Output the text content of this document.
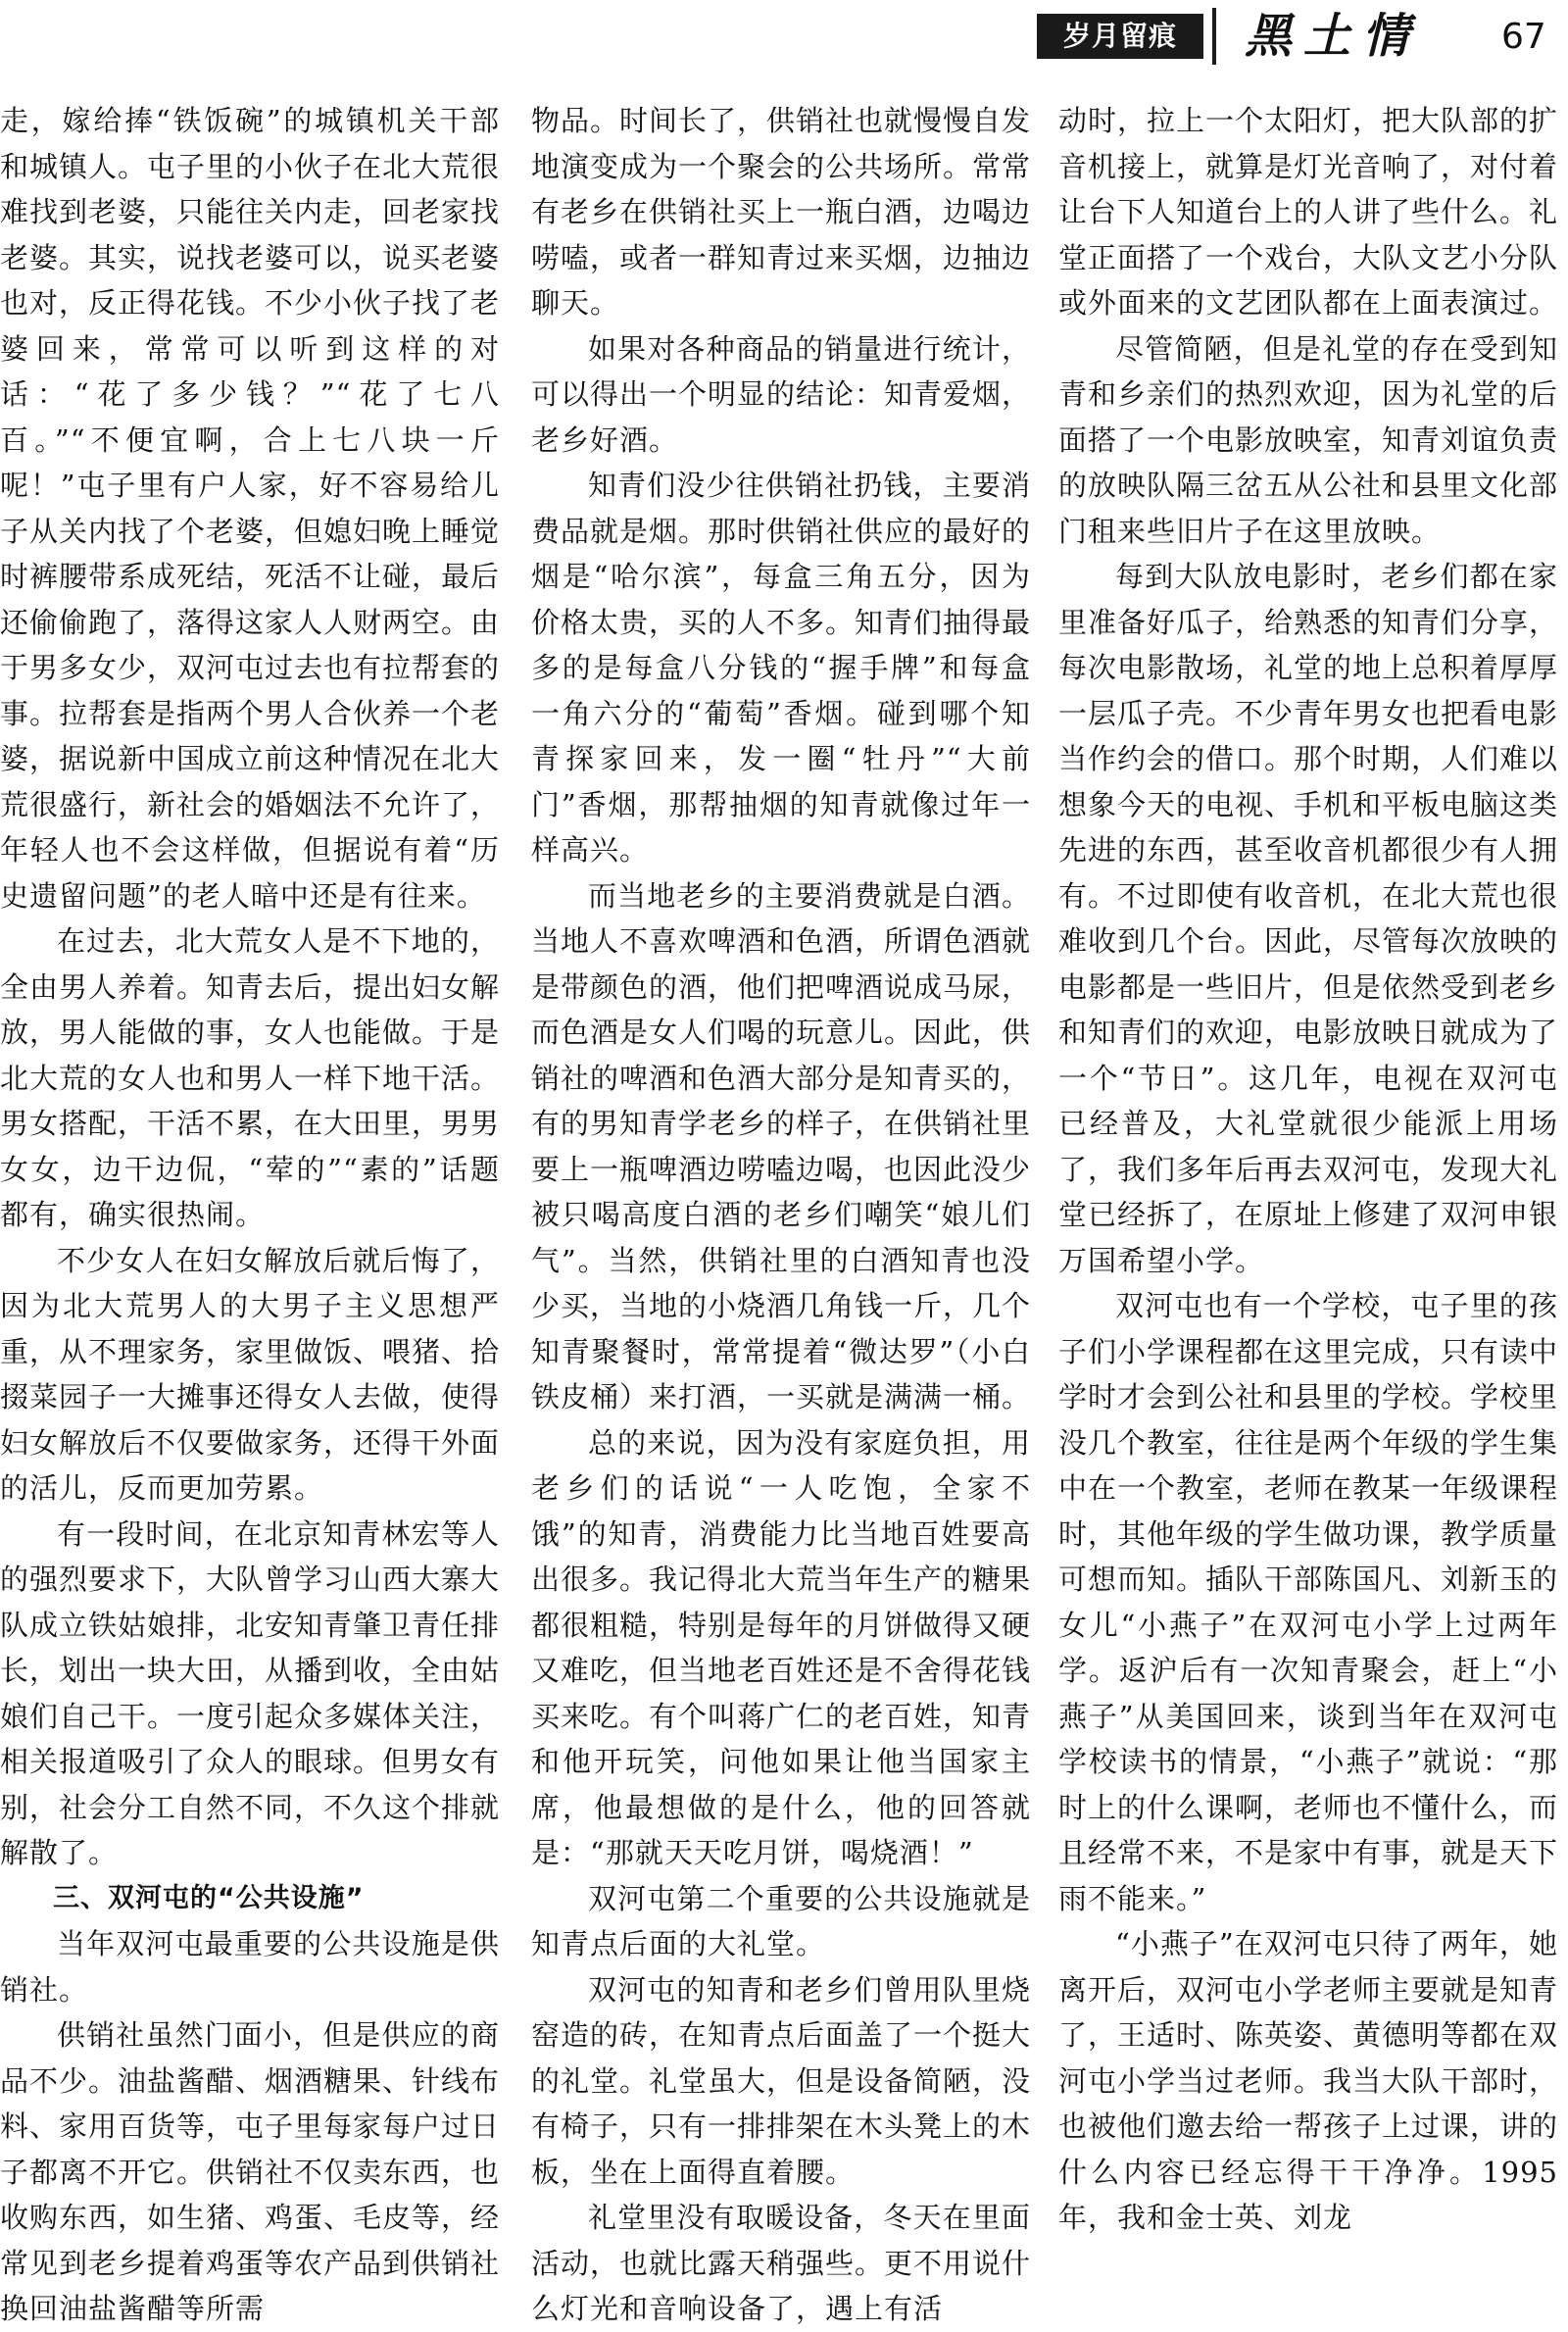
岁月留痕	黑土情	67

走，嫁给捧“铁饭碗”的城镇机关干部和城镇人。屯子里的小伙子在北大荒很难找到老婆，只能往关内走，回老家找老婆。其实，说找老婆可以，说买老婆也对，反正得花钱。不少小伙子找了老婆回来，常常可以听到这样的对话：“花了多少钱？”“花了七八百。”“不便宜啊，合上七八块一斤呢！”屯子里有户人家，好不容易给儿子从关内找了个老婆，但媳妇晚上睡觉时裤腰带系成死结，死活不让碰，最后还偷偷跑了，落得这家人人财两空。由于男多女少，双河屯过去也有拉帮套的事。拉帮套是指两个男人合伙养一个老婆，据说新中国成立前这种情况在北大荒很盛行，新社会的婚姻法不允许了，年轻人也不会这样做，但据说有着“历史遗留问题”的老人暗中还是有往来。

在过去，北大荒女人是不下地的，全由男人养着。知青去后，提出妇女解放，男人能做的事，女人也能做。于是北大荒的女人也和男人一样下地干活。男女搭配，干活不累，在大田里，男男女女，边干边侃，“荤的”“素的”话题都有，确实很热闹。

不少女人在妇女解放后就后悔了，因为北大荒男人的大男子主义思想严重，从不理家务，家里做饭、喂猪、拾掇菜园子一大摊事还得女人去做，使得妇女解放后不仅要做家务，还得干外面的活儿，反而更加劳累。

有一段时间，在北京知青林宏等人的强烈要求下，大队曾学习山西大寨大队成立铁姑娘排，北安知青肇卫青任排长，划出一块大田，从播到收，全由姑娘们自己干。一度引起众多媒体关注，相关报道吸引了众人的眼球。但男女有别，社会分工自然不同，不久这个排就解散了。

三、双河屯的“公共设施”

当年双河屯最重要的公共设施是供销社。

供销社虽然门面小，但是供应的商品不少。油盐酱醋、烟酒糖果、针线布料、家用百货等，屯子里每家每户过日子都离不开它。供销社不仅卖东西，也收购东西，如生猪、鸡蛋、毛皮等，经常见到老乡提着鸡蛋等农产品到供销社换回油盐酱醋等所需

物品。时间长了，供销社也就慢慢自发地演变成为一个聚会的公共场所。常常有老乡在供销社买上一瓶白酒，边喝边唠嗑，或者一群知青过来买烟，边抽边聊天。

如果对各种商品的销量进行统计，可以得出一个明显的结论：知青爱烟，老乡好酒。

知青们没少往供销社扔钱，主要消费品就是烟。那时供销社供应的最好的烟是“哈尔滨”，每盒三角五分，因为价格太贵，买的人不多。知青们抽得最多的是每盒八分钱的“握手牌”和每盒一角六分的“葡萄”香烟。碰到哪个知青探家回来，发一圈“牡丹”“大前门”香烟，那帮抽烟的知青就像过年一样高兴。

而当地老乡的主要消费就是白酒。当地人不喜欢啤酒和色酒，所谓色酒就是带颜色的酒，他们把啤酒说成马尿，而色酒是女人们喝的玩意儿。因此，供销社的啤酒和色酒大部分是知青买的，有的男知青学老乡的样子，在供销社里要上一瓶啤酒边唠嗑边喝，也因此没少被只喝高度白酒的老乡们嘲笑“娘儿们气”。当然，供销社里的白酒知青也没少买，当地的小烧酒几角钱一斤，几个知青聚餐时，常常提着“微达罗”（小白铁皮桶）来打酒，一买就是满满一桶。

总的来说，因为没有家庭负担，用老乡们的话说“一人吃饱，全家不饿”的知青，消费能力比当地百姓要高出很多。我记得北大荒当年生产的糖果都很粗糙，特别是每年的月饼做得又硬又难吃，但当地老百姓还是不舍得花钱买来吃。有个叫蒋广仁的老百姓，知青和他开玩笑，问他如果让他当国家主席，他最想做的是什么，他的回答就是：“那就天天吃月饼，喝烧酒！”

双河屯第二个重要的公共设施就是知青点后面的大礼堂。

双河屯的知青和老乡们曾用队里烧窑造的砖，在知青点后面盖了一个挺大的礼堂。礼堂虽大，但是设备简陋，没有椅子，只有一排排架在木头凳上的木板，坐在上面得直着腰。

礼堂里没有取暖设备，冬天在里面活动，也就比露天稍强些。更不用说什么灯光和音响设备了，遇上有活

动时，拉上一个太阳灯，把大队部的扩音机接上，就算是灯光音响了，对付着让台下人知道台上的人讲了些什么。礼堂正面搭了一个戏台，大队文艺小分队或外面来的文艺团队都在上面表演过。

尽管简陋，但是礼堂的存在受到知青和乡亲们的热烈欢迎，因为礼堂的后面搭了一个电影放映室，知青刘谊负责的放映队隔三岔五从公社和县里文化部门租来些旧片子在这里放映。

每到大队放电影时，老乡们都在家里准备好瓜子，给熟悉的知青们分享，每次电影散场，礼堂的地上总积着厚厚一层瓜子壳。不少青年男女也把看电影当作约会的借口。那个时期，人们难以想象今天的电视、手机和平板电脑这类先进的东西，甚至收音机都很少有人拥有。不过即使有收音机，在北大荒也很难收到几个台。因此，尽管每次放映的电影都是一些旧片，但是依然受到老乡和知青们的欢迎，电影放映日就成为了一个“节日”。这几年，电视在双河屯已经普及，大礼堂就很少能派上用场了，我们多年后再去双河屯，发现大礼堂已经拆了，在原址上修建了双河申银万国希望小学。

双河屯也有一个学校，屯子里的孩子们小学课程都在这里完成，只有读中学时才会到公社和县里的学校。学校里没几个教室，往往是两个年级的学生集中在一个教室，老师在教某一年级课程时，其他年级的学生做功课，教学质量可想而知。插队干部陈国凡、刘新玉的女儿“小燕子”在双河屯小学上过两年学。返沪后有一次知青聚会，赶上“小燕子”从美国回来，谈到当年在双河屯学校读书的情景，“小燕子”就说：“那时上的什么课啊，老师也不懂什么，而且经常不来，不是家中有事，就是天下雨不能来。”

“小燕子”在双河屯只待了两年，她离开后，双河屯小学老师主要就是知青了，王适时、陈英姿、黄德明等都在双河屯小学当过老师。我当大队干部时，也被他们邀去给一帮孩子上过课，讲的什么内容已经忘得干干净净。1995年，我和金士英、刘龙
